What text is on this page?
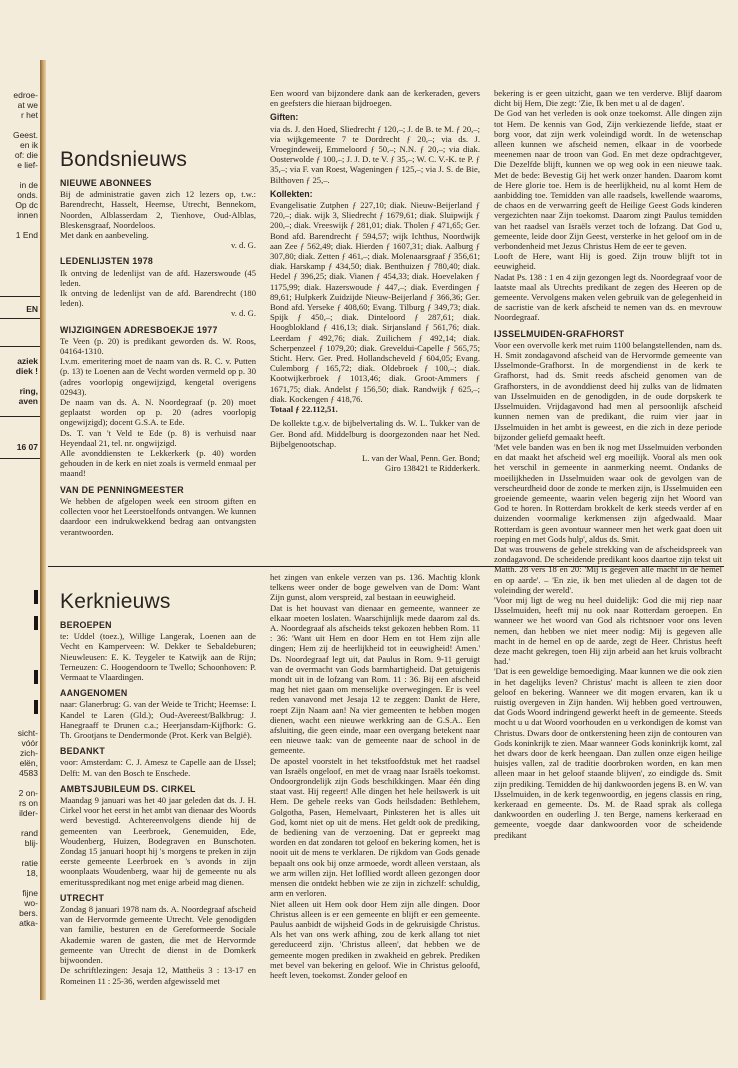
edroe-
at we
r het
Geest.
en ik
of: die
e lief-
in de
onds.
Op dc
innen
1 End
EN
aziek
diek !
ring,
aven
16 07
sicht-
vóór
zich-
elën,
4583
2 on-
rs on
ilder-
rand
blij-
ratie
18,
fijne
wo-
bers.
atka-
Bondsnieuws
NIEUWE ABONNEES

Bij de administratie gaven zich 12 lezers op, t.w.: Barendrecht, Hasselt, Heemse, Utrecht, Bennekom, Noorden, Alblasserdam 2, Tienhove, Oud-Alblas, Bleskensgraaf, Noordeloos.
Met dank en aanbeveling.

v. d. G.
LEDENLIJSTEN 1978

Ik ontving de ledenlijst van de afd. Hazerswoude (45 leden.
Ik ontving de ledenlijst van de afd. Barendrecht (180 leden).

v. d. G.
WIJZIGINGEN ADRESBOEKJE 1977

Te Veen (p. 20) is predikant geworden ds. W. Roos, 04164-1310.
I.v.m. emeritering moet de naam van ds. R. C. v. Putten (p. 13) te Loenen aan de Vecht worden vermeld op p. 30 (adres voorlopig ongewijzigd, kengetal overigens 02943).
De naam van ds. A. N. Noordegraaf (p. 20) moet geplaatst worden op p. 20 (adres voorlopig ongewijzigd); docent G.S.A. te Ede.
Ds. T. van 't Veld te Ede (p. 8) is verhuisd naar Heyendaal 21, tel. nr. ongwijzigd.
Alle avonddiensten te Lekkerkerk (p. 40) worden gehouden in de kerk en niet zoals is vermeld enmaal per maand!

VAN DE PENNINGMEESTER

We hebben de afgelopen week een stroom giften en collecten voor het Leerstoelfonds ontvangen. We kunnen daardoor een indrukwekkend bedrag aan ontvangsten verantwoorden.

Een woord van bijzondere dank aan de kerkeraden, gevers en geefsters die hieraan bijdroegen.

Giften:

via ds. J. den Hoed, Sliedrecht ƒ 120,–; J. de B. te M. ƒ 20,–; via wijkgemeente 7 te Dordrecht ƒ 20,–; via ds. J. Vroegindeweij, Emmeloord ƒ 50,–; N.N. ƒ 20,–; via diak. Oosterwolde ƒ 100,–; J. J. D. te V. ƒ 35,–; W. C. V.-K. te P. ƒ 35,–; via F. van Roest, Wageningen ƒ 125,–; via J. S. de Bie, Bilthoven ƒ 25,–.

Kollekten:

Evangelisatie Zutphen ƒ 227,10; diak. Nieuw-Beijerland ƒ 720,–; diak. wijk 3, Sliedrecht ƒ 1679,61; diak. Sluipwijk ƒ 200,–; diak. Vreeswijk ƒ 281,01; diak. Tholen ƒ 471,65; Ger. Bond afd. Barendrecht ƒ 594,57; wijk Ichthus, Noordwijk aan Zee ƒ 562,49; diak. Hierden ƒ 1607,31; diak. Aalburg ƒ 307,80; diak. Zetten ƒ 461,–; diak. Molenaarsgraaf ƒ 356,61; diak. Harskamp ƒ 434,50; diak. Benthuizen ƒ 780,40; diak. Hedel ƒ 396,25; diak. Vianen ƒ 454,33; diak. Hoevelaken ƒ 1175,99; diak. Hazerswoude ƒ 447,–; diak. Everdingen ƒ 89,61; Hulpkerk Zuidzijde Nieuw-Beijerland ƒ 366,36; Ger. Bond afd. Yerseke ƒ 408,60; Evang. Tilburg ƒ 349,73; diak. Spijk ƒ 450,–; diak. Dinteloord ƒ 287,61; diak. Hoogblokland ƒ 416,13; diak. Sirjansland ƒ 561,76; diak. Leerdam ƒ 492,76; diak. Zuilichem ƒ 492,14; diak. Scherpenzeel ƒ 1079,20; diak. Greveldui-Capelle ƒ 565,75; Sticht. Herv. Ger. Pred. Hollandscheveld ƒ 604,05; Evang. Culemborg ƒ 165,72; diak. Oldebroek ƒ 100,–; diak. Kootwijkerbroek ƒ 1013,46; diak. Groot-Ammers ƒ 1671,75; diak. Andelst ƒ 156,50; diak. Randwijk ƒ 625,–; diak. Kockengen ƒ 418,76.

Totaal ƒ 22.112,51.

De kollekte t.g.v. de bijbelvertaling ds. W. L. Tukker van de Ger. Bond afd. Middelburg is doorgezonden naar het Ned. Bijbelgenootschap.

L. van der Waal, Penn. Ger. Bond;
Giro 138421 te Ridderkerk.

bekering is er geen uitzicht, gaan we ten verderve. Blijf daarom dicht bij Hem, Die zegt: 'Zie, Ik ben met u al de dagen'.

De God van het verleden is ook onze toekomst. Alle dingen zijn tot Hem. De kennis van God, Zijn verkiezende liefde, staat er borg voor, dat zijn werk voleindigd wordt. In de wetenschap alleen kunnen we afscheid nemen, elkaar in de voorbede meenemen naar de troon van God. En met deze opdrachtgever, Die Dezelfde blijft, kunnen we op weg ook in een nieuwe taak. Met de bede: Bevestig Gij het werk onzer handen. Daarom komt de Here glorie toe. Hem is de heerlijkheid, nu al komt Hem de aanbidding toe. Temidden van alle raadsels, kwellende waaroms, de chaos en de verwarring geeft de Heilige Geest Gods kinderen vergezichten naar Zijn toekomst. Daarom zingt Paulus temidden van het raadsel van Israëls verzet toch de lofzang. Dat God u, gemeente, leide door Zijn Geest, versterke in het geloof om in de verbondenheid met Jezus Christus Hem de eer te geven.

Looft de Here, want Hij is goed. Zijn trouw blijft tot in eeuwigheid.

Nadat Ps. 138 : 1 en 4 zijn gezongen legt ds. Noordegraaf voor de laatste maal als Utrechts predikant de zegen des Heeren op de gemeente. Vervolgens maken velen gebruik van de gelegenheid in de sacristie van de kerk afscheid te nemen van ds. en mevrouw Noordegraaf.

IJSSELMUIDEN-GRAFHORST

Voor een overvolle kerk met ruim 1100 belangstellenden, nam ds. H. Smit zondagavond afscheid van de Hervormde gemeente van IJsselmonde-Grafhorst. In de morgendienst in de kerk te Grafhorst, had ds. Smit reeds afscheid genomen van de Grafhorsters, in de avonddienst deed hij zulks van de lidmaten van IJsselmuiden en de genodigden, in de oude dorpskerk te IJsselmuiden. Vrijdagavond had men al persoonlijk afscheid kunnen nemen van de predikant, die ruim vier jaar in IJsselmuiden in het ambt is geweest, en die zich in deze periode bijzonder geliefd gemaakt heeft.

'Met vele banden was en ben ik nog met IJsselmuiden verbonden en dat maakt het afscheid wel erg moeilijk. Vooral als men ook het verschil in gemeente in aanmerking neemt. Ondanks de moeilijkheden in IJsselmuiden waar ook de gevolgen van de verscheurdheid door de zonde te merken zijn, is IJsselmuiden een groeiende gemeente, waarin velen begerig zijn het Woord van God te horen. In Rotterdam brokkelt de kerk steeds verder af en duizenden voormalige kerkmensen zijn afgedwaald. Maar Rotterdam is geen avontuur wanneer men het werk gaat doen uit roeping en met Gods hulp', aldus ds. Smit.

Dat was trouwens de gehele strekking van de afscheidspreek van zondagavond. De scheidende predikant koos daartoe zijn tekst uit Matth. 28 vers 18 en 20: 'Mij is gegeven alle macht in de hemel en op aarde'. – 'En zie, ik ben met ulieden al de dagen tot de voleinding der wereld'.

'Voor mij ligt de weg nu heel duidelijk: God die mij riep naar IJsselmuiden, heeft mij nu ook naar Rotterdam geroepen. En wanneer we het woord van God als richtsnoer voor ons leven nemen, dan hebben we niet meer nodig: Mij is gegeven alle macht in de hemel en op de aarde, zegt de Heer. Christus heeft deze macht gekregen, toen Hij zijn arbeid aan het kruis volbracht had.'

'Dat is een geweldige bemoediging. Maar kunnen we die ook zien in het dagelijks leven? Christus' macht is alleen te zien door geloof en bekering. Wanneer we dit mogen ervaren, kan ik u ruistig overgeven in Zijn handen. Wij hebben goed vertrouwen, dat Gods Woord indringend gewerkt heeft in de gemeente. Steeds mocht u u dat Woord voorhouden en u verkondigen de komst van Christus. Dwars door de ontkerstening heen zijn de contouren van Gods koninkrijk te zien. Maar wanneer Gods koninkrijk komt, zal het dwars door de kerk heengaan. Dan zullen onze eigen heilige huisjes vallen, zal de traditie doorbroken worden, en kan men alleen maar in het geloof staande blijven', zo eindigde ds. Smit zijn prediking. Temidden de hij dankwoorden jegens B. en W. van IJsselmuiden, in de kerk tegenwoordig, en jegens classis en ring, kerkeraad en gemeente. Ds. M. de Raad sprak als collega dankwoorden en ouderling J. ten Berge, namens kerkeraad en gemeente, voegde daar dankwoorden voor de scheidende predikant

Kerknieuws
BEROEPEN

te: Uddel (toez.), Willige Langerak, Loenen aan de Vecht en Kamperveen: W. Dekker te Sebaldeburen; Nieuwleusen: E. K. Teygeler te Katwijk aan de Rijn; Terneuzen: C. Hoogendoorn te Twello; Schoonhoven: P. Vermaat te Vlaardingen.

AANGENOMEN

naar: Glanerbrug: G. van der Weide te Tricht; Heemse: I. Kandel te Laren (Gld.); Oud-Avereest/Balkbrug: J. Hanegraaff te Drunen c.a.; Heerjansdam-Kijfhork: G. Th. Grootjans te Dendermonde (Prot. Kerk van België).

BEDANKT

voor: Amsterdam: C. J. Amesz te Capelle aan de IJssel; Delft: M. van den Bosch te Enschede.

AMBTSJUBILEUM DS. CIRKEL

Maandag 9 januari was het 40 jaar geleden dat ds. J. H. Cirkel voor het eerst in het ambt van dienaar des Woords werd bevestigd. Achtereenvolgens diende hij de gemeenten van Leerbroek, Genemuiden, Ede, Woudenberg, Huizen, Bodegraven en Bunschoten. Zondag 15 januari hoopt hij 's morgens te preken in zijn eerste gemeente Leerbroek en 's avonds in zijn woonplaats Woudenberg, waar hij de gemeente nu als emeritusspredikant nog met enige arbeid mag dienen.

UTRECHT

Zondag 8 januari 1978 nam ds. A. Noordegraaf afscheid van de Hervormde gemeente Utrecht. Vele genodigden van familie, besturen en de Gereformeerde Sociale Akademie waren de gasten, die met de Hervormde gemeente van Utrecht de dienst in de Domkerk bijwoonden.
De schriftlezingen: Jesaja 12, Mattheüs 3 : 13-17 en Romeinen 11 : 25-36, werden afgewisseld met

het zingen van enkele verzen van ps. 136. Machtig klonk telkens weer onder de boge gewelven van de Dom: Want Zijn gunst, alom verspreid, zal bestaan in eeuwigheid.

Dat is het houvast van dienaar en gemeente, wanneer ze elkaar moeten loslaten. Waarschijnlijk mede daarom zal ds. A. Noordegraaf als afscheids tekst gekozen hebben Rom. 11 : 36: 'Want uit Hem en door Hem en tot Hem zijn alle dingen; Hem zij de heerlijkheid tot in eeuwigheid! Amen.' Ds. Noordegraaf legt uit, dat Paulus in Rom. 9-11 geruigt van de overmacht van Gods barmhartigheid. Dat getuigenis mondt uit in de lofzang van Rom. 11 : 36. Bij een afscheid mag het niet gaan om menselijke overwegingen. Er is veel reden vanavond met Jesaja 12 te zeggen: Dankt de Here, roept Zijn Naam aan! Na vier gemeenten te hebben mogen dienen, wacht een nieuwe werkkring aan de G.S.A.. Een afsluiting, die geen einde, maar een overgang betekent naar een nieuwe taak: van de gemeente naar de school in de gemeente.

De apostel voorstelt in het tekstfoofdstuk met het raadsel van Israëls ongeloof, en met de vraag naar Israëls toekomst. Ondoorgrondelijk zijn Gods beschikkingen. Maar één ding staat vast. Hij regeert! Alle dingen het hele heilswerk is uit Hem. De gehele reeks van Gods heilsdaden: Bethlehem, Golgotha, Pasen, Hemelvaart, Pinksteren het is alles uit God, komt niet op uit de mens. Het geldt ook de prediking, de bediening van de verzoening. Dat er gepreekt mag worden en dat zondaren tot geloof en bekering komen, het is nooit uit de mens te verklaren. De rijkdom van Gods genade bepaalt ons ook bij onze armoede, wordt alleen verstaan, als we arm willen zijn. Het lofllied wordt alleen gezongen door mensen die ontdekt hebben wie ze zijn in zichzelf: schuldig, arm en verloren.

Niet alleen uit Hem ook door Hem zijn alle dingen. Door Christus alleen is er een gemeente en blijft er een gemeente. Paulus aanbidt de wijsheid Gods in de gekruisigde Christus. Als het van ons werk afhing, zou de kerk allang tot niet gereduceerd zijn. 'Christus alleen', dat hebben we de gemeente mogen prediken in zwakheid en gebrek. Prediken met bevel van bekering en geloof. Wie in Christus geloofd, heeft leven, toekomst. Zonder geloof en
